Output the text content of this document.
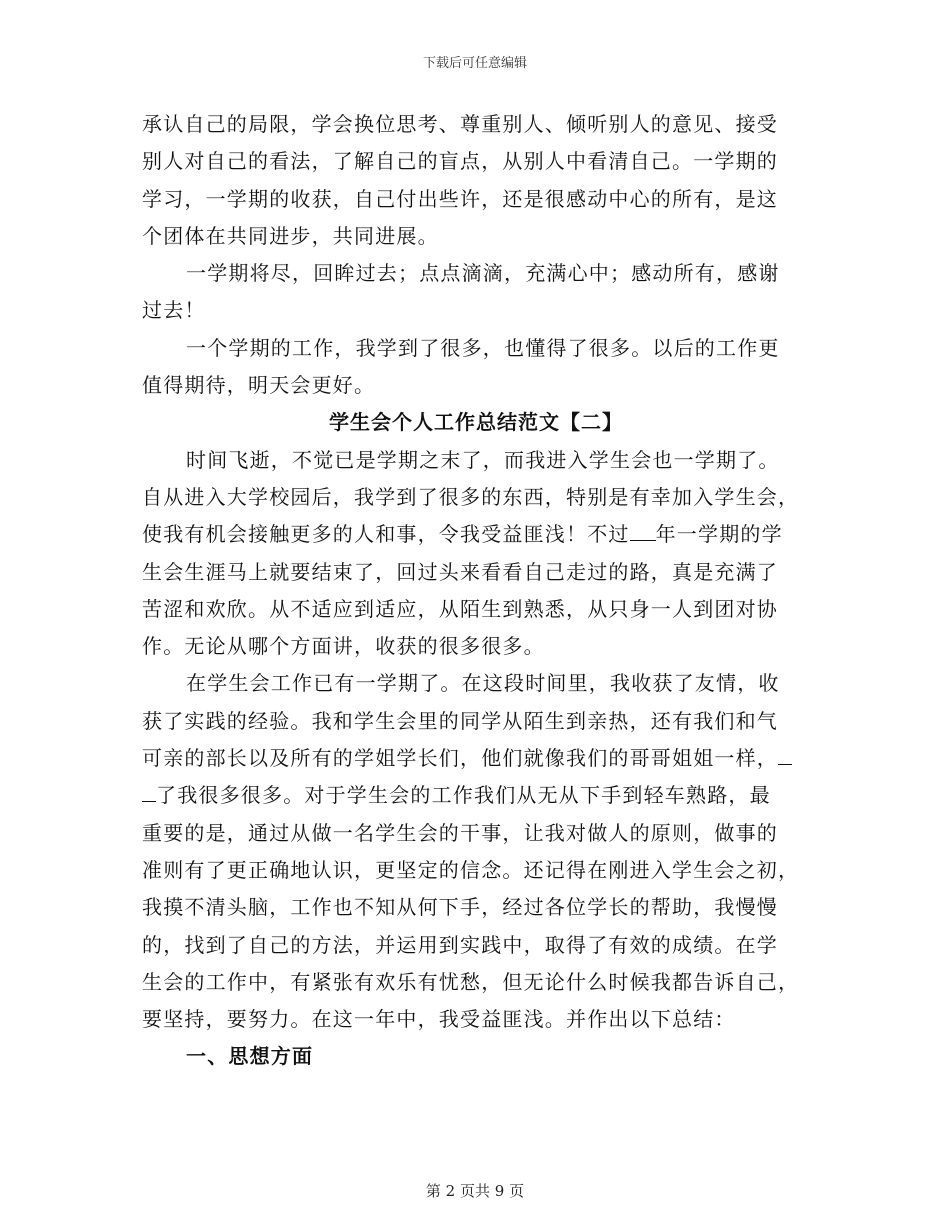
下载后可任意编辑
承认自己的局限，学会换位思考、尊重别人、倾听别人的意见、接受
别人对自己的看法，了解自己的盲点，从别人中看清自己。一学期的
学习，一学期的收获，自己付出些许，还是很感动中心的所有，是这
个团体在共同进步，共同进展。
一学期将尽，回眸过去；点点滴滴，充满心中；感动所有，感谢
过去！
一个学期的工作，我学到了很多，也懂得了很多。以后的工作更
值得期待，明天会更好。
学生会个人工作总结范文【二】
时间飞逝，不觉已是学期之末了，而我进入学生会也一学期了。
自从进入大学校园后，我学到了很多的东西，特别是有幸加入学生会，
使我有机会接触更多的人和事，令我受益匪浅！不过 年一学期的学
生会生涯马上就要结束了，回过头来看看自己走过的路，真是充满了
苦涩和欢欣。从不适应到适应，从陌生到熟悉，从只身一人到团对协
作。无论从哪个方面讲，收获的很多很多。
在学生会工作已有一学期了。在这段时间里，我收获了友情，收
获了实践的经验。我和学生会里的同学从陌生到亲热，还有我们和气
可亲的部长以及所有的学姐学长们，他们就像我们的哥哥姐姐一样，
了我很多很多。对于学生会的工作我们从无从下手到轻车熟路，最
重要的是，通过从做一名学生会的干事，让我对做人的原则，做事的
准则有了更正确地认识，更坚定的信念。还记得在刚进入学生会之初，
我摸不清头脑，工作也不知从何下手，经过各位学长的帮助，我慢慢
的，找到了自己的方法，并运用到实践中，取得了有效的成绩。在学
生会的工作中，有紧张有欢乐有忧愁，但无论什么时候我都告诉自己，
要坚持，要努力。在这一年中，我受益匪浅。并作出以下总结：
一、思想方面
第 2 页共 9 页
